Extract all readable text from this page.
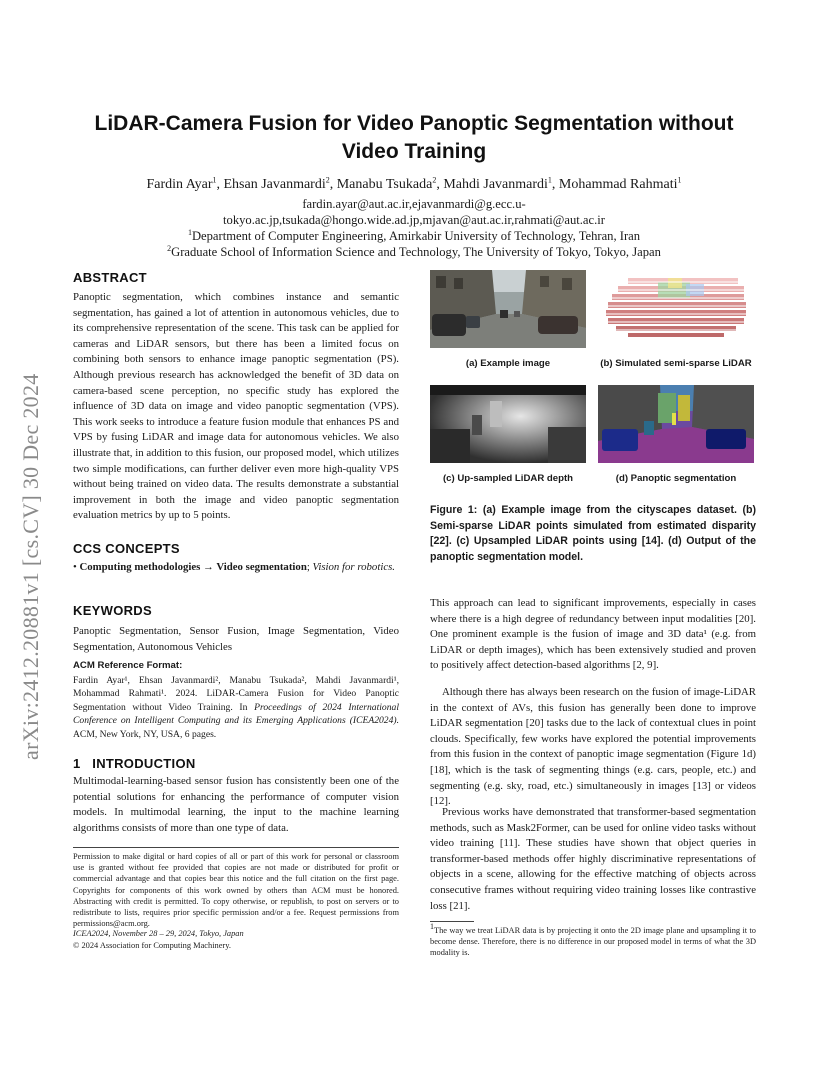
arXiv:2412.20881v1 [cs.CV] 30 Dec 2024
LiDAR-Camera Fusion for Video Panoptic Segmentation without
Video Training
Fardin Ayar$^1$, Ehsan Javanmardi$^2$, Manabu Tsukada$^2$, Mahdi Javanmardi$^1$, Mohammad Rahmati$^1$
fardin.ayar@aut.ac.ir,ejavanmardi@g.ecc.u-
tokyo.ac.jp,tsukada@hongo.wide.ad.jp,mjavan@aut.ac.ir,rahmati@aut.ac.ir
$^1$Department of Computer Engineering, Amirkabir University of Technology, Tehran, Iran
$^2$Graduate School of Information Science and Technology, The University of Tokyo, Tokyo, Japan
ABSTRACT
Panoptic segmentation, which combines instance and semantic segmentation, has gained a lot of attention in autonomous vehicles, due to its comprehensive representation of the scene. This task can be applied for cameras and LiDAR sensors, but there has been a limited focus on combining both sensors to enhance image panoptic segmentation (PS). Although previous research has acknowledged the benefit of 3D data on camera-based scene perception, no specific study has explored the influence of 3D data on image and video panoptic segmentation (VPS). This work seeks to introduce a feature fusion module that enhances PS and VPS by fusing LiDAR and image data for autonomous vehicles. We also illustrate that, in addition to this fusion, our proposed model, which utilizes two simple modifications, can further deliver even more high-quality VPS without being trained on video data. The results demonstrate a substantial improvement in both the image and video panoptic segmentation evaluation metrics by up to 5 points.
CCS CONCEPTS
• Computing methodologies → Video segmentation; Vision for robotics.
KEYWORDS
Panoptic Segmentation, Sensor Fusion, Image Segmentation, Video Segmentation, Autonomous Vehicles
ACM Reference Format:
Fardin Ayar¹, Ehsan Javanmardi², Manabu Tsukada², Mahdi Javanmardi¹, Mohammad Rahmati¹. 2024. LiDAR-Camera Fusion for Video Panoptic Segmentation without Video Training. In Proceedings of 2024 International Conference on Intelligent Computing and its Emerging Applications (ICEA2024). ACM, New York, NY, USA, 6 pages.
1 INTRODUCTION
Multimodal-learning-based sensor fusion has consistently been one of the potential solutions for enhancing the performance of computer vision models. In multimodal learning, the input to the machine learning algorithms consists of more than one type of data.
Permission to make digital or hard copies of all or part of this work for personal or classroom use is granted without fee provided that copies are not made or distributed for profit or commercial advantage and that copies bear this notice and the full citation on the first page. Copyrights for components of this work owned by others than ACM must be honored. Abstracting with credit is permitted. To copy otherwise, or republish, to post on servers or to redistribute to lists, requires prior specific permission and/or a fee. Request permissions from permissions@acm.org.
ICEA2024, November 28 – 29, 2024, Tokyo, Japan
© 2024 Association for Computing Machinery.
(a) Example image	(b) Simulated semi-sparse LiDAR
(c) Up-sampled LiDAR depth	(d) Panoptic segmentation
Figure 1: (a) Example image from the cityscapes dataset. (b) Semi-sparse LiDAR points simulated from estimated disparity [22]. (c) Upsampled LiDAR points using [14]. (d) Output of the panoptic segmentation model.
This approach can lead to significant improvements, especially in cases where there is a high degree of redundancy between input modalities [20]. One prominent example is the fusion of image and 3D data¹ (e.g. from LiDAR or depth images), which has been extensively studied and proven to positively affect detection-based algorithms [2, 9].
Although there has always been research on the fusion of image-LiDAR in the context of AVs, this fusion has generally been done to improve LiDAR segmentation [20] tasks due to the lack of contextual clues in point clouds. Specifically, few works have explored the potential improvements from this fusion in the context of panoptic image segmentation (Figure 1d) [18], which is the task of segmenting things (e.g. cars, people, etc.) and segmenting (e.g. sky, road, etc.) simultaneously in images [13] or videos [12].
Previous works have demonstrated that transformer-based segmentation methods, such as Mask2Former, can be used for online video tasks without video training [11]. These studies have shown that object queries in transformer-based methods offer highly discriminative representations of objects in a scene, allowing for the effective matching of objects across consecutive frames without requiring video training losses like contrastive loss [21].
$^1$The way we treat LiDAR data is by projecting it onto the 2D image plane and upsampling it to become dense. Therefore, there is no difference in our proposed model in terms of what the 3D modality is.
